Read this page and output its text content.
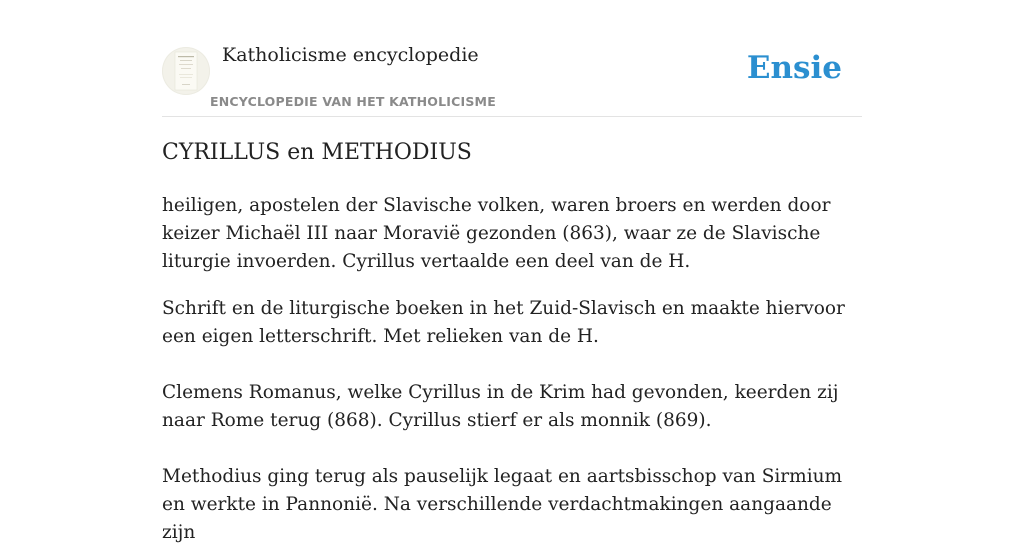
Katholicisme encyclopedie
ENCYCLOPEDIE VAN HET KATHOLICISME
Ensie
CYRILLUS en METHODIUS

heiligen, apostelen der Slavische volken, waren broers en werden door keizer Michaël III naar Moravië gezonden (863), waar ze de Slavische liturgie invoerden. Cyrillus vertaalde een deel van de H.

Schrift en de liturgische boeken in het Zuid-Slavisch en maakte hiervoor een eigen letterschrift. Met relieken van de H.

Clemens Romanus, welke Cyrillus in de Krim had gevonden, keerden zij naar Rome terug (868). Cyrillus stierf er als monnik (869).

Methodius ging terug als pauselijk legaat en aartsbisschop van Sirmium en werkte in Pannonië. Na verschillende verdachtmakingen aangaande zijn
